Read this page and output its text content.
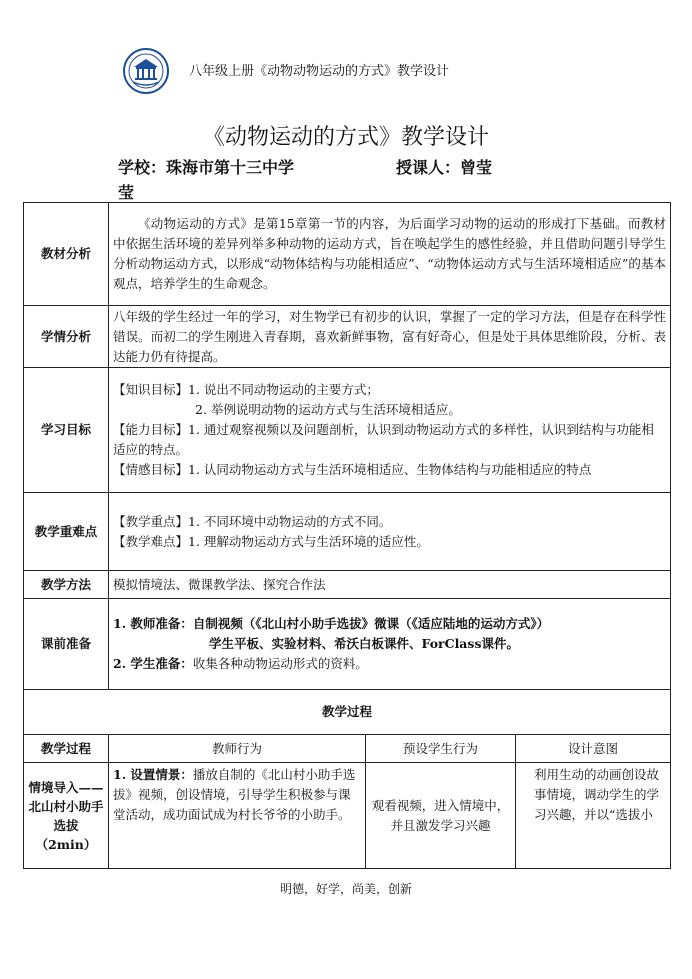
八年级上册《动物动物运动的方式》教学设计
《动物运动的方式》教学设计
学校：珠海市第十三中学	授课人：曾莹
莹
教材分析	《动物运动的方式》是第15章第一节的内容，为后面学习动物的运动的形成打下基础。而教材中依据生活环境的差异列举多种动物的运动方式，旨在唤起学生的感性经验，并且借助问题引导学生分析动物运动方式，以形成“动物体结构与功能相适应”、“动物体运动方式与生活环境相适应”的基本观点，培养学生的生命观念。		
学情分析	八年级的学生经过一年的学习，对生物学已有初步的认识，掌握了一定的学习方法，但是存在科学性错误。而初二的学生刚进入青春期，喜欢新鲜事物，富有好奇心，但是处于具体思维阶段，分析、表达能力仍有待提高。		
学习目标	【知识目标】1. 说出不同动物运动的主要方式；
2. 举例说明动物的运动方式与生活环境相适应。
【能力目标】1. 通过观察视频以及问题剖析，认识到动物运动方式的多样性，认识到结构与功能相适应的特点。
【情感目标】1. 认同动物运动方式与生活环境相适应、生物体结构与功能相适应的特点		

教学重难点	【教学重点】1. 不同环境中动物运动的方式不同。
【教学难点】1. 理解动物运动方式与生活环境的适应性。		

教学方法	模拟情境法、微课教学法、探究合作法		
课前准备	1. 教师准备：自制视频（《北山村小助手选拔》微课（《适应陆地的运动方式》）
学生平板、实验材料、希沃白板课件、ForClass课件。
2. 学生准备：收集各种动物运动形式的资料。		

教学过程			
教学过程	教师行为	预设学生行为	设计意图
情境导入——北山村小助手选拔（2min）	1. 设置情景：播放自制的《北山村小助手选拔》视频，创设情境，引导学生积极参与课堂活动，成功面试成为村长爷爷的小助手。	观看视频，进入情境中，并且激发学习兴趣	利用生动的动画创设故事情境，调动学生的学习兴趣，并以“选拔小
明德，好学，尚美，创新
